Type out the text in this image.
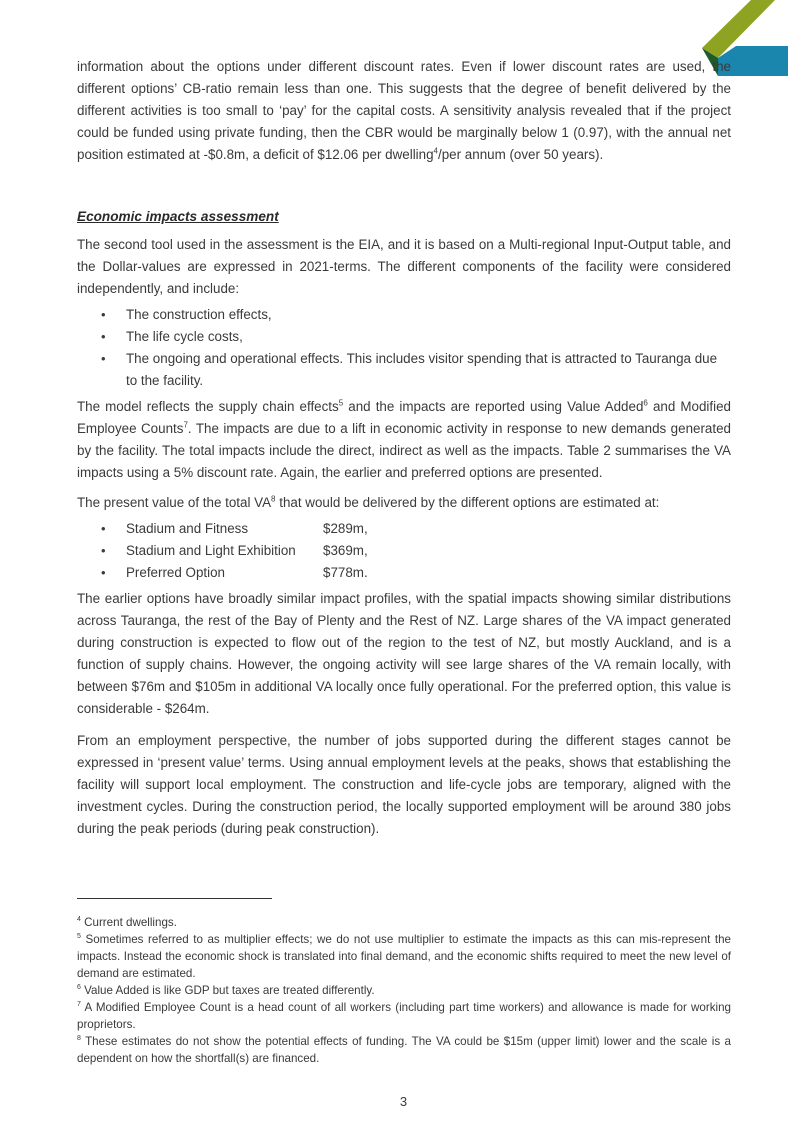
information about the options under different discount rates. Even if lower discount rates are used, the different options’ CB-ratio remain less than one. This suggests that the degree of benefit delivered by the different activities is too small to ‘pay’ for the capital costs. A sensitivity analysis revealed that if the project could be funded using private funding, then the CBR would be marginally below 1 (0.97), with the annual net position estimated at -$0.8m, a deficit of $12.06 per dwelling$^4$/per annum (over 50 years).

Economic impacts assessment

The second tool used in the assessment is the EIA, and it is based on a Multi-regional Input-Output table, and the Dollar-values are expressed in 2021-terms. The different components of the facility were considered independently, and include:

• The construction effects,
• The life cycle costs,
• The ongoing and operational effects. This includes visitor spending that is attracted to Tauranga due to the facility.

The model reflects the supply chain effects$^5$ and the impacts are reported using Value Added$^6$ and Modified Employee Counts$^7$. The impacts are due to a lift in economic activity in response to new demands generated by the facility. The total impacts include the direct, indirect as well as the impacts. Table 2 summarises the VA impacts using a 5% discount rate. Again, the earlier and preferred options are presented.

The present value of the total $VA^8$ that would be delivered by the different options are estimated at:

• Stadium and Fitness	$289m,
• Stadium and Light Exhibition $369m,
• Preferred Option	$778m.

The earlier options have broadly similar impact profiles, with the spatial impacts showing similar distributions across Tauranga, the rest of the Bay of Plenty and the Rest of NZ. Large shares of the VA impact generated during construction is expected to flow out of the region to the test of NZ, but mostly Auckland, and is a function of supply chains. However, the ongoing activity will see large shares of the VA remain locally, with between $76m and $105m in additional VA locally once fully operational. For the preferred option, this value is considerable - $264m.

From an employment perspective, the number of jobs supported during the different stages cannot be expressed in ‘present value’ terms. Using annual employment levels at the peaks, shows that establishing the facility will support local employment. The construction and life-cycle jobs are temporary, aligned with the investment cycles. During the construction period, the locally supported employment will be around 380 jobs during the peak periods (during peak construction).

$^4$ Current dwellings.

$^5$ Sometimes referred to as multiplier effects; we do not use multiplier to estimate the impacts as this can mis-represent the impacts. Instead the economic shock is translated into final demand, and the economic shifts required to meet the new level of demand are estimated.

$^6$ Value Added is like GDP but taxes are treated differently.

$^7$ A Modified Employee Count is a head count of all workers (including part time workers) and allowance is made for working proprietors.

$^8$ These estimates do not show the potential effects of funding. The VA could be $15m (upper limit) lower and the scale is a dependent on how the shortfall(s) are financed.

3
